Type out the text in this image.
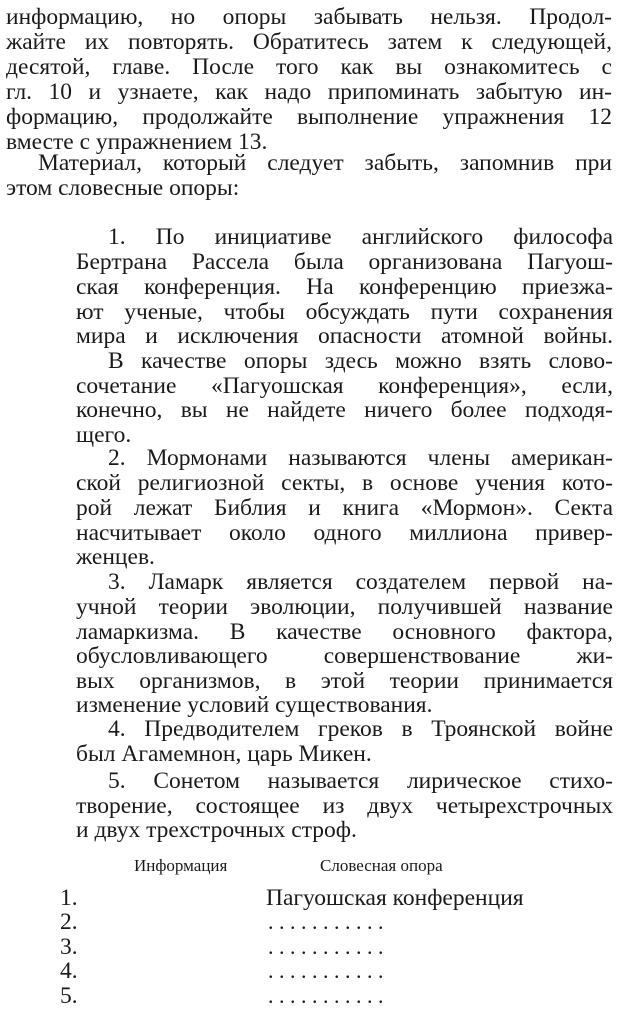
информацию, но опоры забывать нельзя. Продол-
жайте их повторять. Обратитесь затем к следующей,
десятой, главе. После того как вы ознакомитесь с
гл. 10 и узнаете, как надо припоминать забытую ин-
формацию, продолжайте выполнение упражнения 12
вместе с упражнением 13.
Материал, который следует забыть, запомнив при
этом словесные опоры:
1. По инициативе английского философа
Бертрана Рассела была организована Пагуош-
ская конференция. На конференцию приезжа-
ют ученые, чтобы обсуждать пути сохранения
мира и исключения опасности атомной войны.
В качестве опоры здесь можно взять слово-
сочетание «Пагуошская конференция», если,
конечно, вы не найдете ничего более подходя-
щего.
2. Мормонами называются члены американ-
ской религиозной секты, в основе учения кото-
рой лежат Библия и книга «Мормон». Секта
насчитывает около одного миллиона привер-
женцев.
3. Ламарк является создателем первой на-
учной теории эволюции, получившей название
ламаркизма. В качестве основного фактора,
обусловливающего совершенствование жи-
вых организмов, в этой теории принимается
изменение условий существования.
4. Предводителем греков в Троянской войне
был Агамемнон, царь Микен.
5. Сонетом называется лирическое стихо-
творение, состоящее из двух четырехстрочных
и двух трехстрочных строф.
Информация	Словесная опора
1.	Пагуошская конференция
2.	. . . . . . . . . . .
3.	. . . . . . . . . . .
4.	. . . . . . . . . . .
5.	. . . . . . . . . . .
